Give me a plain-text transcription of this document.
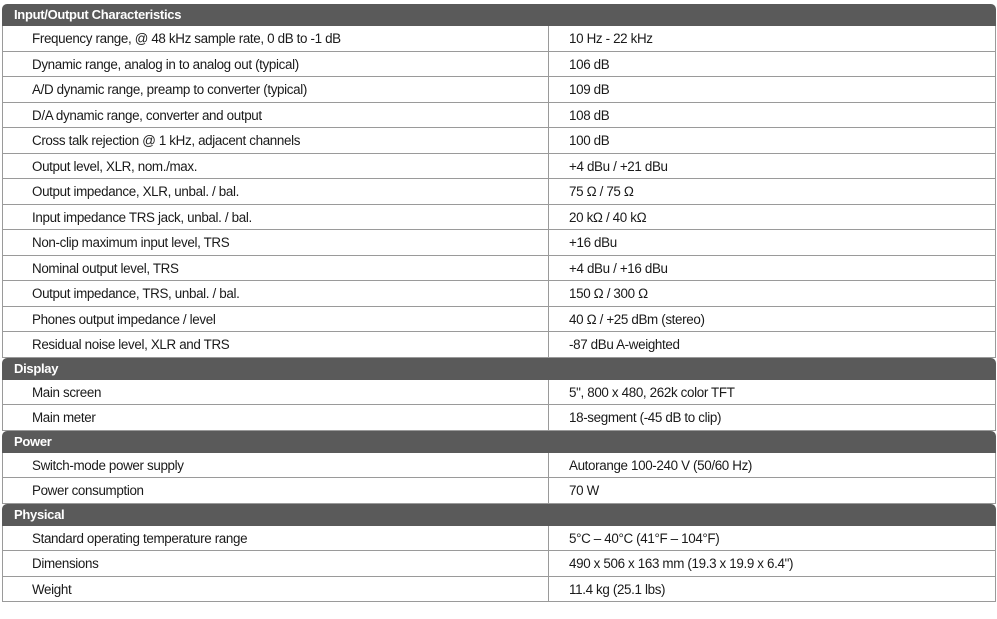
Input/Output Characteristics
Frequency range, @ 48 kHz sample rate, 0 dB to -1 dB	10 Hz - 22 kHz
Dynamic range, analog in to analog out (typical)	106 dB
A/D dynamic range, preamp to converter (typical)	109 dB
D/A dynamic range, converter and output	108 dB
Cross talk rejection @ 1 kHz, adjacent channels	100 dB
Output level, XLR, nom./max.	+4 dBu / +21 dBu
Output impedance, XLR, unbal. / bal.	75 Ω / 75 Ω
Input impedance TRS jack, unbal. / bal.	20 kΩ / 40 kΩ
Non-clip maximum input level, TRS	+16 dBu
Nominal output level, TRS	+4 dBu / +16 dBu
Output impedance, TRS, unbal. / bal.	150 Ω / 300 Ω
Phones output impedance / level	40 Ω / +25 dBm (stereo)
Residual noise level, XLR and TRS	-87 dBu A-weighted
Display
Main screen	5", 800 x 480, 262k color TFT
Main meter	18-segment (-45 dB to clip)
Power
Switch-mode power supply	Autorange 100-240 V (50/60 Hz)
Power consumption	70 W
Physical
Standard operating temperature range	5°C – 40°C (41°F – 104°F)
Dimensions	490 x 506 x 163 mm (19.3 x 19.9 x 6.4")
Weight	11.4 kg (25.1 lbs)
